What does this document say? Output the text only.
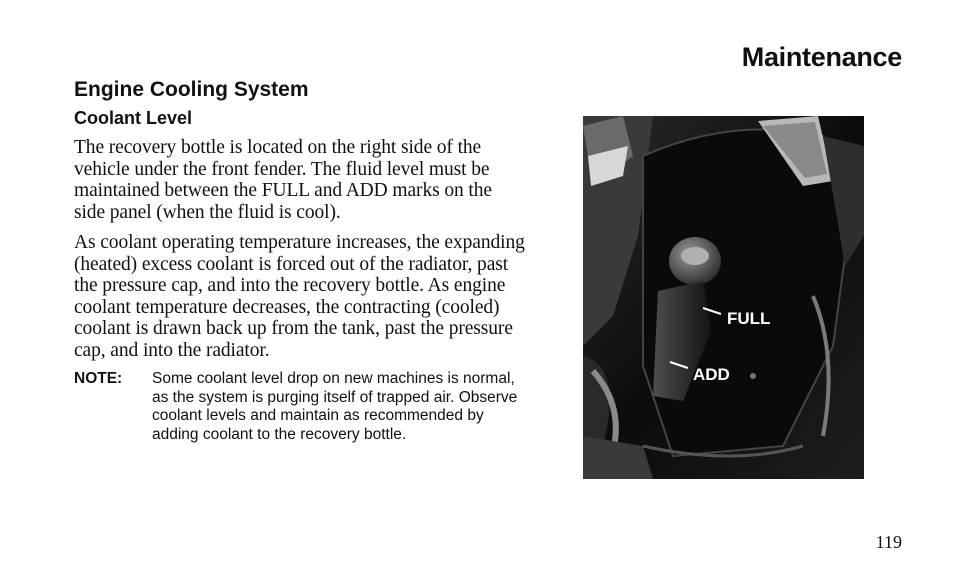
Maintenance
Engine Cooling System
Coolant Level

The recovery bottle is located on the right side of the vehicle under the front fender. The fluid level must be maintained between the FULL and ADD marks on the side panel (when the fluid is cool).

As coolant operating temperature increases, the expanding (heated) excess coolant is forced out of the radiator, past the pressure cap, and into the recovery bottle. As engine coolant temperature decreases, the contracting (cooled) coolant is drawn back up from the tank, past the pressure cap, and into the radiator.

NOTE:	Some coolant level drop on new machines is normal, as the system is purging itself of trapped air. Observe coolant levels and maintain as recommended by adding coolant to the recovery bottle.
FULL
ADD
119
